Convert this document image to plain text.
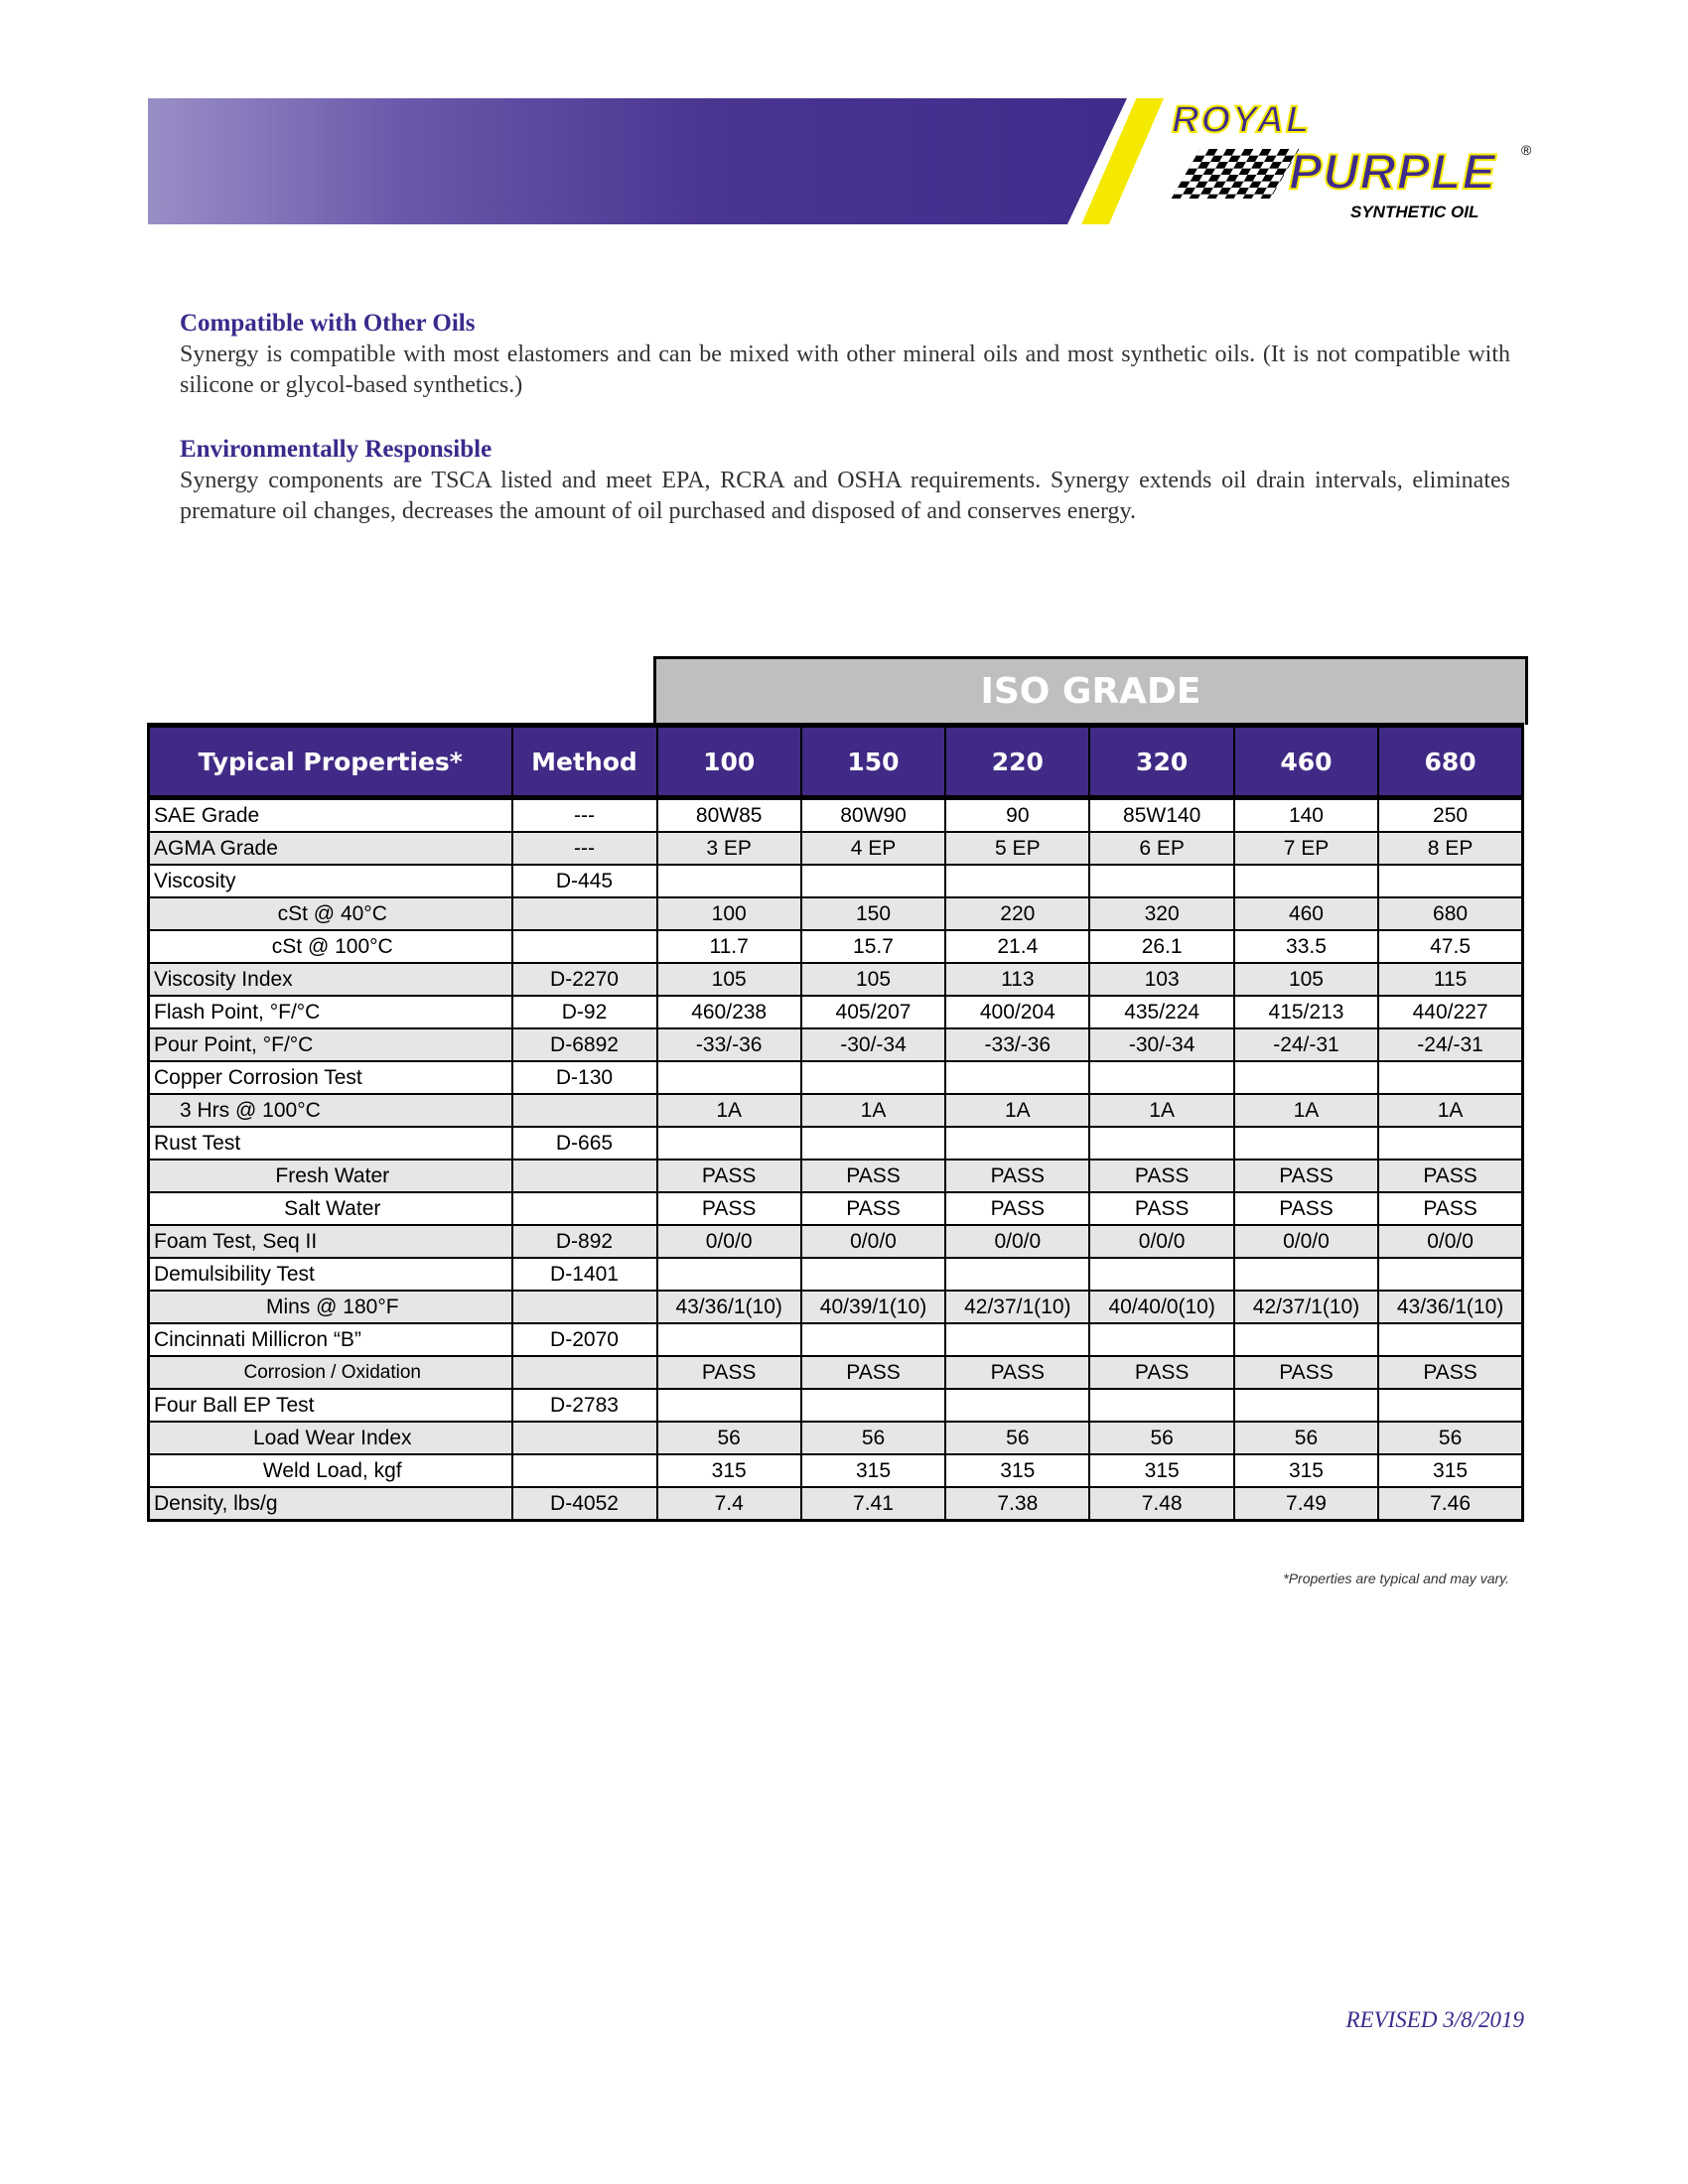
ROYAL
PURPLE ®
SYNTHETIC OIL
Compatible with Other Oils

Synergy is compatible with most elastomers and can be mixed with other mineral oils and most synthetic oils. (It is not compatible with silicone or glycol-based synthetics.)

Environmentally Responsible

Synergy components are TSCA listed and meet EPA, RCRA and OSHA requirements. Synergy extends oil drain intervals, eliminates premature oil changes, decreases the amount of oil purchased and disposed of and conserves energy.

ISO GRADE
Typical Properties*	Method	100	150	220	320	460	680
SAE Grade	---	80W85	80W90	90	85W140	140	250
AGMA Grade	---	3 EP	4 EP	5 EP	6 EP	7 EP	8 EP
Viscosity	D-445						
cSt @ 40°C		100	150	220	320	460	680
cSt @ 100°C		11.7	15.7	21.4	26.1	33.5	47.5
Viscosity Index	D-2270	105	105	113	103	105	115
Flash Point, °F/°C	D-92	460/238	405/207	400/204	435/224	415/213	440/227
Pour Point, °F/°C	D-6892	-33/-36	-30/-34	-33/-36	-30/-34	-24/-31	-24/-31
Copper Corrosion Test	D-130						
3 Hrs @ 100°C		1A	1A	1A	1A	1A	1A
Rust Test	D-665						
Fresh Water		PASS	PASS	PASS	PASS	PASS	PASS
Salt Water		PASS	PASS	PASS	PASS	PASS	PASS
Foam Test, Seq II	D-892	0/0/0	0/0/0	0/0/0	0/0/0	0/0/0	0/0/0
Demulsibility Test	D-1401						
Mins @ 180°F		43/36/1(10)	40/39/1(10)	42/37/1(10)	40/40/0(10)	42/37/1(10)	43/36/1(10)
Cincinnati Millicron “B”	D-2070						
Corrosion / Oxidation		PASS	PASS	PASS	PASS	PASS	PASS
Four Ball EP Test	D-2783						
Load Wear Index		56	56	56	56	56	56
Weld Load, kgf		315	315	315	315	315	315
Density, lbs/g	D-4052	7.4	7.41	7.38	7.48	7.49	7.46
*Properties are typical and may vary.
REVISED 3/8/2019
